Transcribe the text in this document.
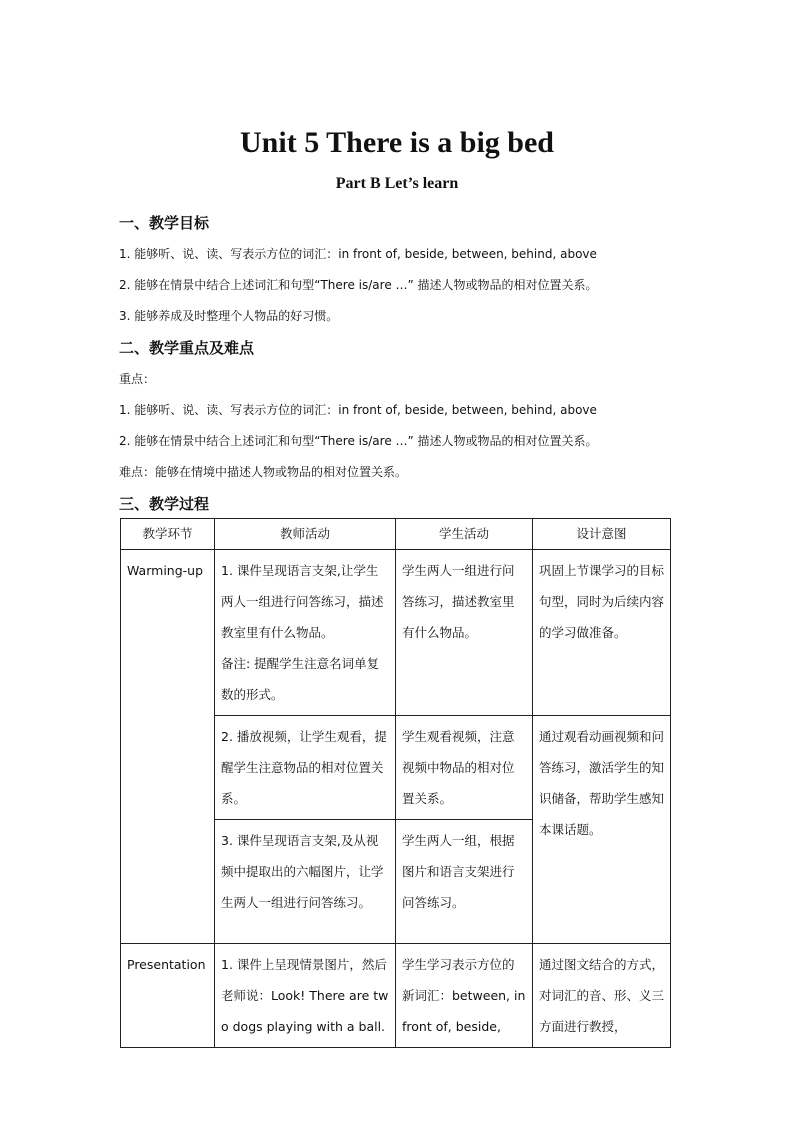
Unit 5 There is a big bed
Part B Let’s learn
一、教学目标
1. 能够听、说、读、写表示方位的词汇：in front of, beside, between, behind, above
2. 能够在情景中结合上述词汇和句型“There is/are …” 描述人物或物品的相对位置关系。
3. 能够养成及时整理个人物品的好习惯。
二、教学重点及难点
重点：
1. 能够听、说、读、写表示方位的词汇：in front of, beside, between, behind, above
2. 能够在情景中结合上述词汇和句型“There is/are …” 描述人物或物品的相对位置关系。
难点：能够在情境中描述人物或物品的相对位置关系。
三、教学过程
教学环节	教师活动	学生活动	设计意图

Warming-up	1. 课件呈现语言支架,让学生两人一组进行问答练习，描述教室里有什么物品。
备注: 提醒学生注意名词单复数的形式。	学生两人一组进行问答练习，描述教室里有什么物品。	巩固上节课学习的目标句型，同时为后续内容的学习做准备。

	2. 播放视频，让学生观看，提醒学生注意物品的相对位置关系。	学生观看视频，注意视频中物品的相对位置关系。	通过观看动画视频和问答练习，激活学生的知识储备，帮助学生感知本课话题。

	3. 课件呈现语言支架,及从视频中提取出的六幅图片，让学生两人一组进行问答练习。	学生两人一组，根据图片和语言支架进行问答练习。	

Presentation	1. 课件上呈现情景图片，然后老师说：Look! There are two dogs playing with a ball.	学生学习表示方位的新词汇：between, in front of, beside,	通过图文结合的方式，对词汇的音、形、义三方面进行教授，
